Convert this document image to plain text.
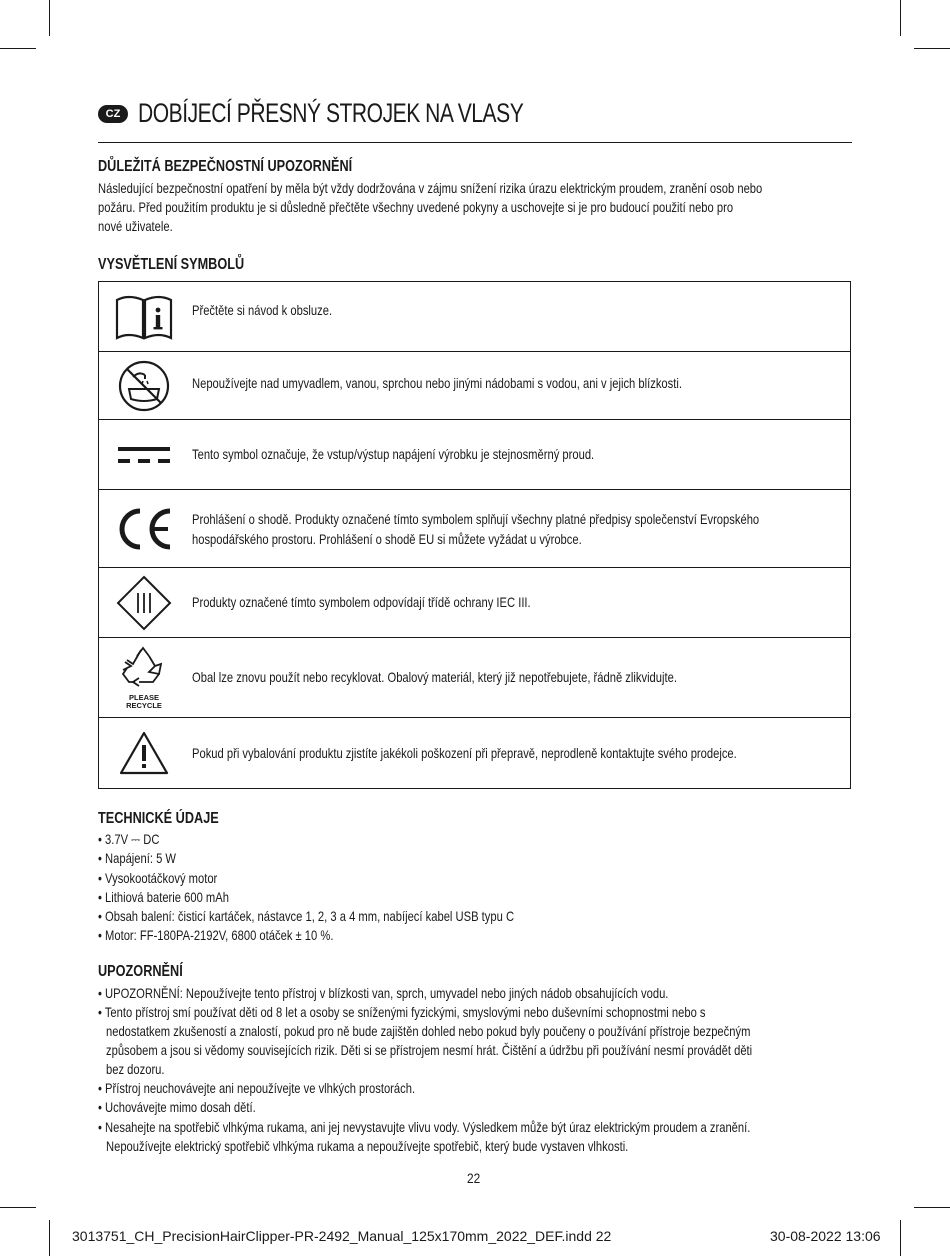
CZ DOBÍJECÍ PŘESNÝ STROJEK NA VLASY
DŮLEŽITÁ BEZPEČNOSTNÍ UPOZORNĚNÍ
Následující bezpečnostní opatření by měla být vždy dodržována v zájmu snížení rizika úrazu elektrickým proudem, zranění osob nebo
požáru. Před použitím produktu je si důsledně přečtěte všechny uvedené pokyny a uschovejte si je pro budoucí použití nebo pro
nové uživatele.
VYSVĚTLENÍ SYMBOLŮ
Přečtěte si návod k obsluze.
Nepoužívejte nad umyvadlem, vanou, sprchou nebo jinými nádobami s vodou, ani v jejich blízkosti.
Tento symbol označuje, že vstup/výstup napájení výrobku je stejnosměrný proud.
Prohlášení o shodě. Produkty označené tímto symbolem splňují všechny platné předpisy společenství Evropského
hospodářského prostoru. Prohlášení o shodě EU si můžete vyžádat u výrobce.
Produkty označené tímto symbolem odpovídají třídě ochrany IEC III.
PLEASE
RECYCLE
Obal lze znovu použít nebo recyklovat. Obalový materiál, který již nepotřebujete, řádně zlikvidujte.
Pokud při vybalování produktu zjistíte jakékoli poškození při přepravě, neprodleně kontaktujte svého prodejce.
TECHNICKÉ ÚDAJE
• 3.7V ⎓ DC
• Napájení: 5 W
• Vysokootáčkový motor
• Lithiová baterie 600 mAh
• Obsah balení: čisticí kartáček, nástavce 1, 2, 3 a 4 mm, nabíjecí kabel USB typu C
• Motor: FF-180PA-2192V, 6800 otáček ± 10 %.
UPOZORNĚNÍ
• UPOZORNĚNÍ: Nepoužívejte tento přístroj v blízkosti van, sprch, umyvadel nebo jiných nádob obsahujících vodu.
• Tento přístroj smí používat děti od 8 let a osoby se sníženými fyzickými, smyslovými nebo duševními schopnostmi nebo s
nedostatkem zkušeností a znalostí, pokud pro ně bude zajištěn dohled nebo pokud byly poučeny o používání přístroje bezpečným
způsobem a jsou si vědomy souvisejících rizik. Děti si se přístrojem nesmí hrát. Čištění a údržbu při používání nesmí provádět děti
bez dozoru.
• Přístroj neuchovávejte ani nepoužívejte ve vlhkých prostorách.
• Uchovávejte mimo dosah dětí.
• Nesahejte na spotřebič vlhkýma rukama, ani jej nevystavujte vlivu vody. Výsledkem může být úraz elektrickým proudem a zranění.
Nepoužívejte elektrický spotřebič vlhkýma rukama a nepoužívejte spotřebič, který bude vystaven vlhkosti.
22
3013751_CH_PrecisionHairClipper-PR-2492_Manual_125x170mm_2022_DEF.indd 22	30-08-2022 13:06
